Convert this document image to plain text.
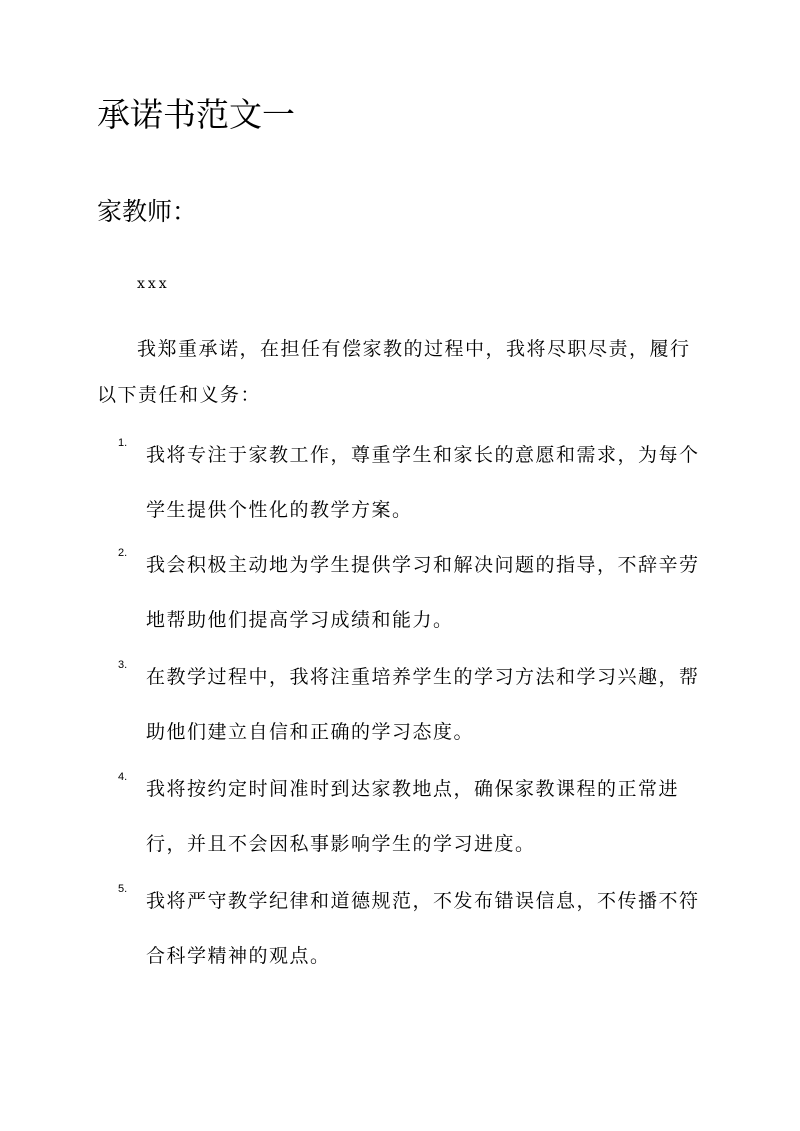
承诺书范文一
家教师：
xxx
我郑重承诺，在担任有偿家教的过程中，我将尽职尽责，履行以下责任和义务：
1.
我将专注于家教工作，尊重学生和家长的意愿和需求，为每个学生提供个性化的教学方案。
2.
我会积极主动地为学生提供学习和解决问题的指导，不辞辛劳地帮助他们提高学习成绩和能力。
3.
在教学过程中，我将注重培养学生的学习方法和学习兴趣，帮助他们建立自信和正确的学习态度。
4.
我将按约定时间准时到达家教地点，确保家教课程的正常进行，并且不会因私事影响学生的学习进度。
5.
我将严守教学纪律和道德规范，不发布错误信息，不传播不符合科学精神的观点。
